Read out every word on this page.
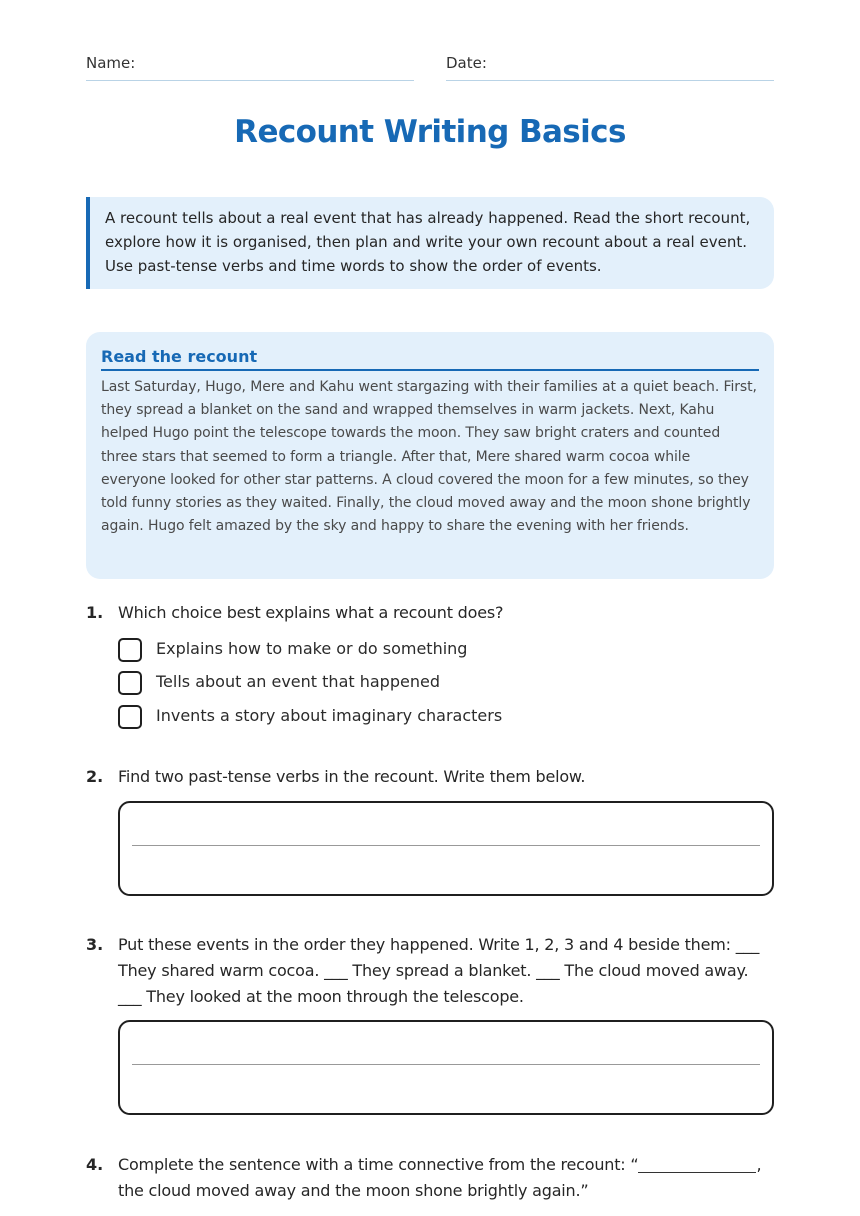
Name:	Date:
Recount Writing Basics
A recount tells about a real event that has already happened. Read the short recount, explore how it is organised, then plan and write your own recount about a real event. Use past-tense verbs and time words to show the order of events.
Read the recount
Last Saturday, Hugo, Mere and Kahu went stargazing with their families at a quiet beach. First, they spread a blanket on the sand and wrapped themselves in warm jackets. Next, Kahu helped Hugo point the telescope towards the moon. They saw bright craters and counted three stars that seemed to form a triangle. After that, Mere shared warm cocoa while everyone looked for other star patterns. A cloud covered the moon for a few minutes, so they told funny stories as they waited. Finally, the cloud moved away and the moon shone brightly again. Hugo felt amazed by the sky and happy to share the evening with her friends.
1. Which choice best explains what a recount does?
Explains how to make or do something
Tells about an event that happened
Invents a story about imaginary characters
2. Find two past-tense verbs in the recount. Write them below.
3. Put these events in the order they happened. Write 1, 2, 3 and 4 beside them: ___ They shared warm cocoa. ___ They spread a blanket. ___ The cloud moved away. ___ They looked at the moon through the telescope.
4. Complete the sentence with a time connective from the recount: “	, the cloud moved away and the moon shone brightly again.”
